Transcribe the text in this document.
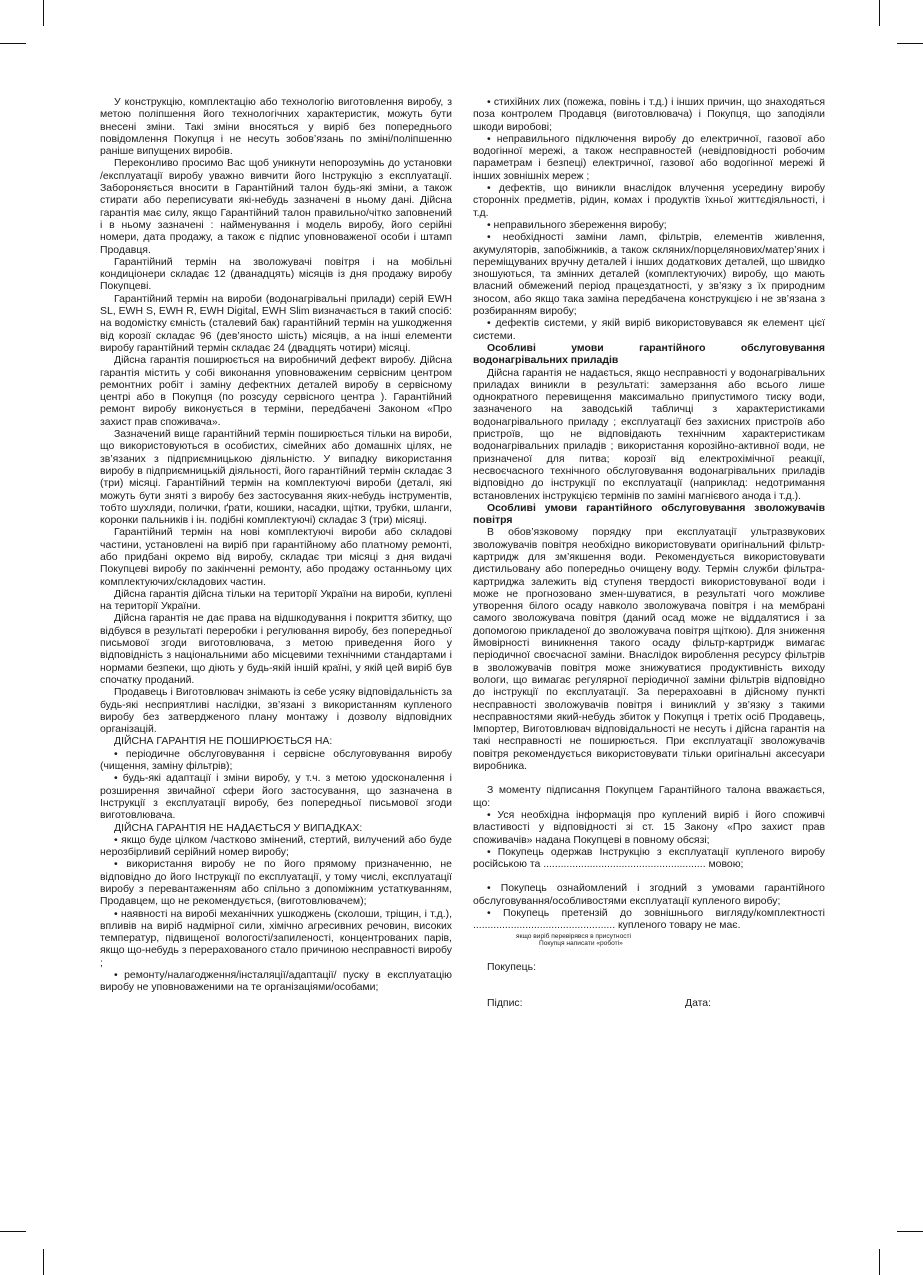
У конструкцію, комплектацію або технологію виготовлення виробу, з метою поліпшення його технологічних характеристик, можуть бути внесені зміни. Такі зміни вносяться у виріб без попереднього повідомлення Покупця і не несуть зобов’язань по зміні/поліпшенню раніше випущених виробів.

Переконливо просимо Вас щоб уникнути непорозумінь до установки /експлуатації виробу уважно вивчити його Інструкцію з експлуатації. Забороняється вносити в Гарантійний талон будь-які зміни, а також стирати або переписувати які-небудь зазначені в ньому дані. Дійсна гарантія має силу, якщо Гарантійний талон правильно/чітко заповнений і в ньому зазначені : найменування і модель виробу, його серійні номери, дата продажу, а також є підпис уповноваженої особи і штамп Продавця.

Гарантійний термін на зволожувачі повітря і на мобільні кондиціонери складає 12 (дванадцять) місяців із дня продажу виробу Покупцеві.

Гарантійний термін на вироби (водонагрівальні прилади) серій EWH SL, EWH S, EWH R, EWH Digital, EWH Slim визначається в такий спосіб: на водомістку ємність (сталевий бак) гарантійний термін на ушкодження від корозії складає 96 (дев’яносто шість) місяців, а на інші елементи виробу гарантійний термін складає 24 (двадцять чотири) місяці.

Дійсна гарантія поширюється на виробничий дефект виробу. Дійсна гарантія містить у собі виконання уповноваженим сервісним центром ремонтних робіт і заміну дефектних деталей виробу в сервісному центрі або в Покупця (по розсуду сервісного центра ). Гарантійний ремонт виробу виконується в терміни, передбачені Законом «Про захист прав споживача».

Зазначений вище гарантійний термін поширюється тільки на вироби, що використовуються в особистих, сімейних або домашніх цілях, не зв’язаних з підприємницькою діяльністю. У випадку використання виробу в підприємницькій діяльності, його гарантійний термін складає 3 (три) місяці. Гарантійний термін на комплектуючі вироби (деталі, які можуть бути зняті з виробу без застосування яких-небудь інструментів, тобто шухляди, полички, ґрати, кошики, насадки, щітки, трубки, шланги, коронки пальників і ін. подібні комплектуючі) складає 3 (три) місяці.

Гарантійний термін на нові комплектуючі вироби або складові частини, установлені на виріб при гарантійному або платному ремонті, або придбані окремо від виробу, складає три місяці з дня видачі Покупцеві виробу по закінченні ремонту, або продажу останньому цих комплектуючих/складових частин.

Дійсна гарантія дійсна тільки на території України на вироби, куплені на території України.

Дійсна гарантія не дає права на відшкодування і покриття збитку, що відбувся в результаті переробки і регулювання виробу, без попередньої письмової згоди виготовлювача, з метою приведення його у відповідність з національними або місцевими технічними стандартами і нормами безпеки, що діють у будь-якій іншій країні, у якій цей виріб був спочатку проданий.

Продавець і Виготовлювач знімають із себе усяку відповідальність за будь-які несприятливі наслідки, зв’язані з використанням купленого виробу без затвердженого плану монтажу і дозволу відповідних організацій.

ДІЙСНА ГАРАНТІЯ НЕ ПОШИРЮЄТЬСЯ НА:

• періодичне обслуговування і сервісне обслуговування виробу (чищення, заміну фільтрів);

• будь-які адаптації і зміни виробу, у т.ч. з метою удосконалення і розширення звичайної сфери його застосування, що зазначена в Інструкції з експлуатації виробу, без попередньої письмової згоди виготовлювача.

ДІЙСНА ГАРАНТІЯ НЕ НАДАЄТЬСЯ У ВИПАДКАХ:

• якщо буде цілком /частково змінений, стертий, вилучений або буде нерозбірливий серійний номер виробу;

• використання виробу не по його прямому призначенню, не відповідно до його Інструкції по експлуатації, у тому числі, експлуатації виробу з перевантаженням або спільно з допоміжним устаткуванням, Продавцем, що не рекомендується, (виготовлювачем);

• наявності на виробі механічних ушкоджень (сколоши, тріщин, і т.д.), впливів на виріб надмірної сили, хімічно агресивних речовин, високих температур, підвищеної вологості/запиленості, концентрованих парів, якщо що-небудь з перерахованого стало причиною несправності виробу ;

• ремонту/налагодження/інсталяції/адаптації/ пуску в експлуатацію виробу не уповноваженими на те організаціями/особами;

• стихійних лих (пожежа, повінь і т.д.) і інших причин, що знаходяться поза контролем Продавця (виготовлювача) і Покупця, що заподіяли шкоди виробові;

• неправильного підключення виробу до електричної, газової або водогінної мережі, а також несправностей (невідповідності робочим параметрам і безпеці) електричної, газової або водогінної мережі й інших зовнішніх мереж ;

• дефектів, що виникли внаслідок влучення усередину виробу сторонніх предметів, рідин, комах і продуктів їхньої життєдіяльності, і т.д.

• неправильного збереження виробу;

• необхідності заміни ламп, фільтрів, елементів живлення, акумуляторів, запобіжників, а також скляних/порцелянових/матер’яних і переміщуваних вручну деталей і інших додаткових деталей, що швидко зношуються, та змінних деталей (комплектуючих) виробу, що мають власний обмежений період працездатності, у зв’язку з їх природним зносом, або якщо така заміна передбачена конструкцією і не зв’язана з розбиранням виробу;

• дефектів системи, у якій виріб використовувався як елемент цієї системи.

Особливі умови гарантійного обслуговування водонагрівальних приладів

Дійсна гарантія не надається, якщо несправності у водонагрівальних приладах виникли в результаті: замерзання або всього лише однократного перевищення максимально припустимого тиску води, зазначеного на заводській табличці з характеристиками водонагрівального приладу ; експлуатації без захисних пристроїв або пристроїв, що не відповідають технічним характеристикам водонагрівальних приладів ; використання корозійно-активної води, не призначеної для питва; корозії від електрохімічної реакції, несвоєчасного технічного обслуговування водонагрівальних приладів відповідно до інструкції по експлуатації (наприклад: недотримання встановлених інструкцією термінів по заміні магнієвого анода і т.д.).

Особливі умови гарантійного обслуговування зволожувачів повітря

В обов’язковому порядку при експлуатації ультразвукових зволожувачів повітря необхідно використовувати оригінальний фільтр-картридж для зм’якшення води. Рекомендується використовувати дистильовану або попередньо очищену воду. Термін служби фільтра-картриджа залежить від ступеня твердості використовуваної води і може не прогнозовано змен-шуватися, в результаті чого можливе утворення білого осаду навколо зволожувача повітря і на мембрані самого зволожувача повітря (даний осад може не віддалятися і за допомогою прикладеної до зволожувача повітря щіткою). Для зниження ймовірності виникнення такого осаду фільтр-картридж вимагає періодичної своєчасної заміни. Внаслідок вироблення ресурсу фільтрів в зволожувачів повітря може знижуватися продуктивність виходу вологи, що вимагає регулярної періодичної заміни фільтрів відповідно до інструкції по експлуатації. За перерахоавні в дійсному пункті несправності зволожувачів повітря і виниклий у зв’язку з такими несправностями який-небудь збиток у Покупця і третіх осіб Продавець, Імпортер, Виготовлювач відповідальності не несуть і дійсна гарантія на такі несправності не поширюється. При експлуатації зволожувачів повітря рекомендується використовувати тільки оригінальні аксесуари виробника.

З моменту підписання Покупцем Гарантійного талона вважається, що:

• Уся необхідна інформація про куплений виріб і його споживчі властивості у відповідності зі ст. 15 Закону «Про захист прав споживачів» надана Покупцеві в повному обсязі;

• Покупець одержав Інструкцію з експлуатації купленого виробу російською та ........................................................ мовою;

• Покупець ознайомлений і згодний з умовами гарантійного обслуговування/особливостями експлуатації купленого виробу;

• Покупець претензій до зовнішнього вигляду/комплектності ................................................. купленого товару не має.

якщо виріб перевірявся в присутності

Покупця написати «роботі»

Покупець:

Підпис:	Дата:
